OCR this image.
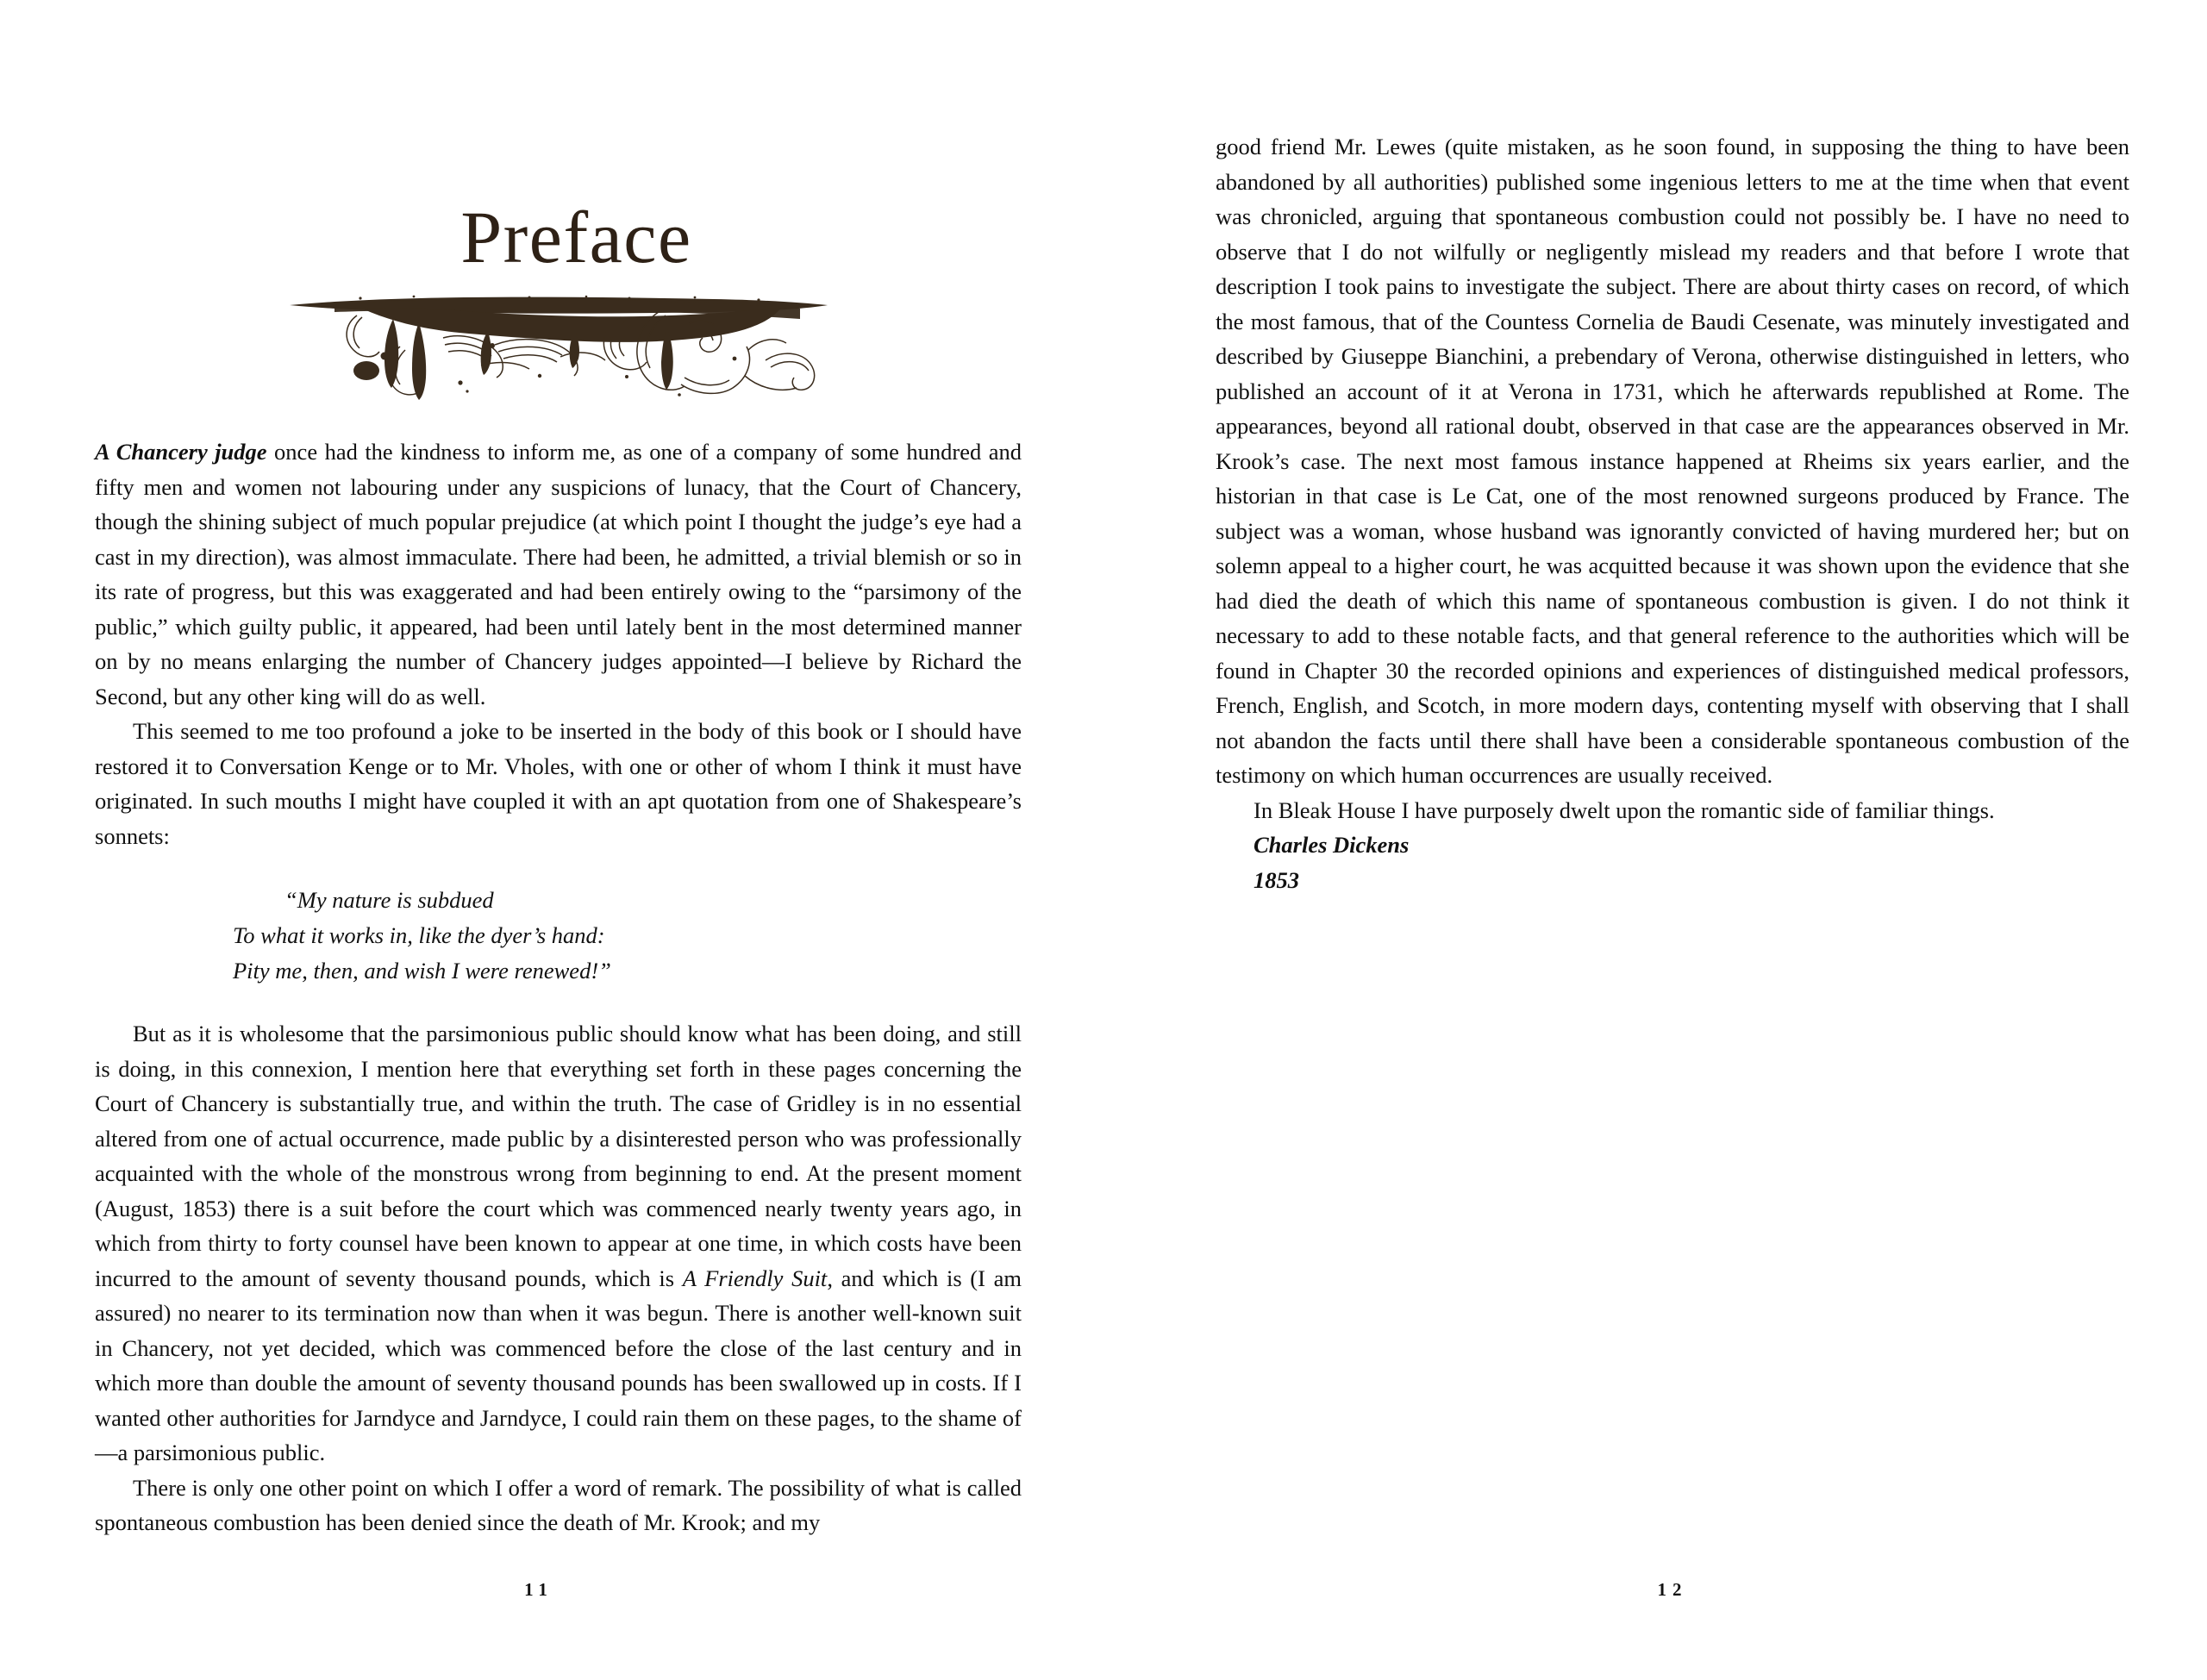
Preface

A Chancery judge once had the kindness to inform me, as one of a company of some hundred and fifty men and women not labouring under any suspicions of lunacy, that the Court of Chancery, though the shining subject of much popular prejudice (at which point I thought the judge’s eye had a cast in my direction), was almost immaculate. There had been, he admitted, a trivial blemish or so in its rate of progress, but this was exaggerated and had been entirely owing to the “parsimony of the public,” which guilty public, it appeared, had been until lately bent in the most determined manner on by no means enlarging the number of Chancery judges appointed—I believe by Richard the Second, but any other king will do as well.

This seemed to me too profound a joke to be inserted in the body of this book or I should have restored it to Conversation Kenge or to Mr. Vholes, with one or other of whom I think it must have originated. In such mouths I might have coupled it with an apt quotation from one of Shakespeare’s sonnets:

“My nature is subdued
To what it works in, like the dyer’s hand:
Pity me, then, and wish I were renewed!”

But as it is wholesome that the parsimonious public should know what has been doing, and still is doing, in this connexion, I mention here that everything set forth in these pages concerning the Court of Chancery is substantially true, and within the truth. The case of Gridley is in no essential altered from one of actual occurrence, made public by a disinterested person who was professionally acquainted with the whole of the monstrous wrong from beginning to end. At the present moment (August, 1853) there is a suit before the court which was commenced nearly twenty years ago, in which from thirty to forty counsel have been known to appear at one time, in which costs have been incurred to the amount of seventy thousand pounds, which is A Friendly Suit, and which is (I am assured) no nearer to its termination now than when it was begun. There is another well-known suit in Chancery, not yet decided, which was commenced before the close of the last century and in which more than double the amount of seventy thousand pounds has been swallowed up in costs. If I wanted other authorities for Jarndyce and Jarndyce, I could rain them on these pages, to the shame of—a parsimonious public.

There is only one other point on which I offer a word of remark. The possibility of what is called spontaneous combustion has been denied since the death of Mr. Krook; and my

11

good friend Mr. Lewes (quite mistaken, as he soon found, in supposing the thing to have been abandoned by all authorities) published some ingenious letters to me at the time when that event was chronicled, arguing that spontaneous combustion could not possibly be. I have no need to observe that I do not wilfully or negligently mislead my readers and that before I wrote that description I took pains to investigate the subject. There are about thirty cases on record, of which the most famous, that of the Countess Cornelia de Baudi Cesenate, was minutely investigated and described by Giuseppe Bianchini, a prebendary of Verona, otherwise distinguished in letters, who published an account of it at Verona in 1731, which he afterwards republished at Rome. The appearances, beyond all rational doubt, observed in that case are the appearances observed in Mr. Krook’s case. The next most famous instance happened at Rheims six years earlier, and the historian in that case is Le Cat, one of the most renowned surgeons produced by France. The subject was a woman, whose husband was ignorantly convicted of having murdered her; but on solemn appeal to a higher court, he was acquitted because it was shown upon the evidence that she had died the death of which this name of spontaneous combustion is given. I do not think it necessary to add to these notable facts, and that general reference to the authorities which will be found in Chapter 30 the recorded opinions and experiences of distinguished medical professors, French, English, and Scotch, in more modern days, contenting myself with observing that I shall not abandon the facts until there shall have been a considerable spontaneous combustion of the testimony on which human occurrences are usually received.

In Bleak House I have purposely dwelt upon the romantic side of familiar things.

Charles Dickens
1853
12
